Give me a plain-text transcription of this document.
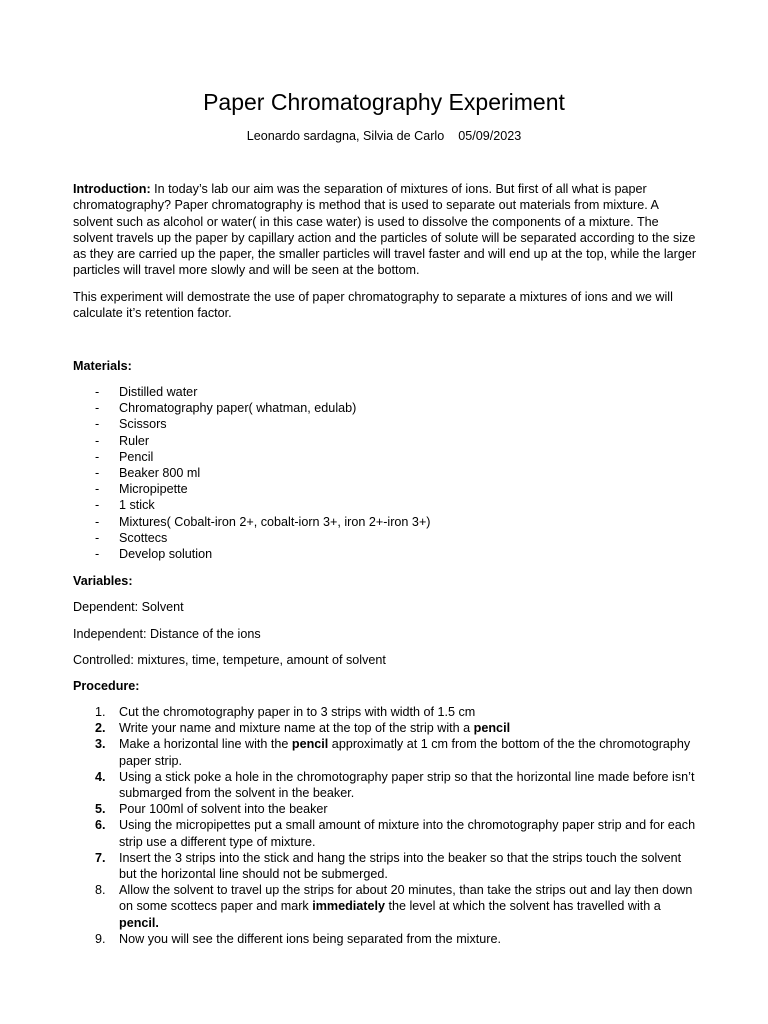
Paper Chromatography Experiment
Leonardo sardagna, Silvia de Carlo 05/09/2023

Introduction: In today’s lab our aim was the separation of mixtures of ions. But first of all what is paper chromatography? Paper chromatography is method that is used to separate out materials from mixture. A solvent such as alcohol or water( in this case water) is used to dissolve the components of a mixture. The solvent travels up the paper by capillary action and the particles of solute will be separated according to the size as they are carried up the paper, the smaller particles will travel faster and will end up at the top, while the larger particles will travel more slowly and will be seen at the bottom.

This experiment will demostrate the use of paper chromatography to separate a mixtures of ions and we will calculate it’s retention factor.

Materials:
- Distilled water
- Chromatography paper( whatman, edulab)
- Scissors
- Ruler
- Pencil
- Beaker 800 ml
- Micropipette
- 1 stick
- Mixtures( Cobalt-iron 2+, cobalt-iorn 3+, iron 2+-iron 3+)
- Scottecs
- Develop solution
Variables:
Dependent: Solvent
Independent: Distance of the ions
Controlled: mixtures, time, tempeture, amount of solvent
Procedure:
1.	Cut the chromotography paper in to 3 strips with width of 1.5 cm
2.	Write your name and mixture name at the top of the strip with a pencil
3.	Make a horizontal line with the pencil approximatly at 1 cm from the bottom of the the chromotography paper strip.
4.	Using a stick poke a hole in the chromotography paper strip so that the horizontal line made before isn’t submarged from the solvent in the beaker.
5.	Pour 100ml of solvent into the beaker
6.	Using the micropipettes put a small amount of mixture into the chromotography paper strip and for each strip use a different type of mixture.
7.	Insert the 3 strips into the stick and hang the strips into the beaker so that the strips touch the solvent but the horizontal line should not be submerged.
8.	Allow the solvent to travel up the strips for about 20 minutes, than take the strips out and lay then down on some scottecs paper and mark immediately the level at which the solvent has travelled with a pencil.
9.	Now you will see the different ions being separated from the mixture.
